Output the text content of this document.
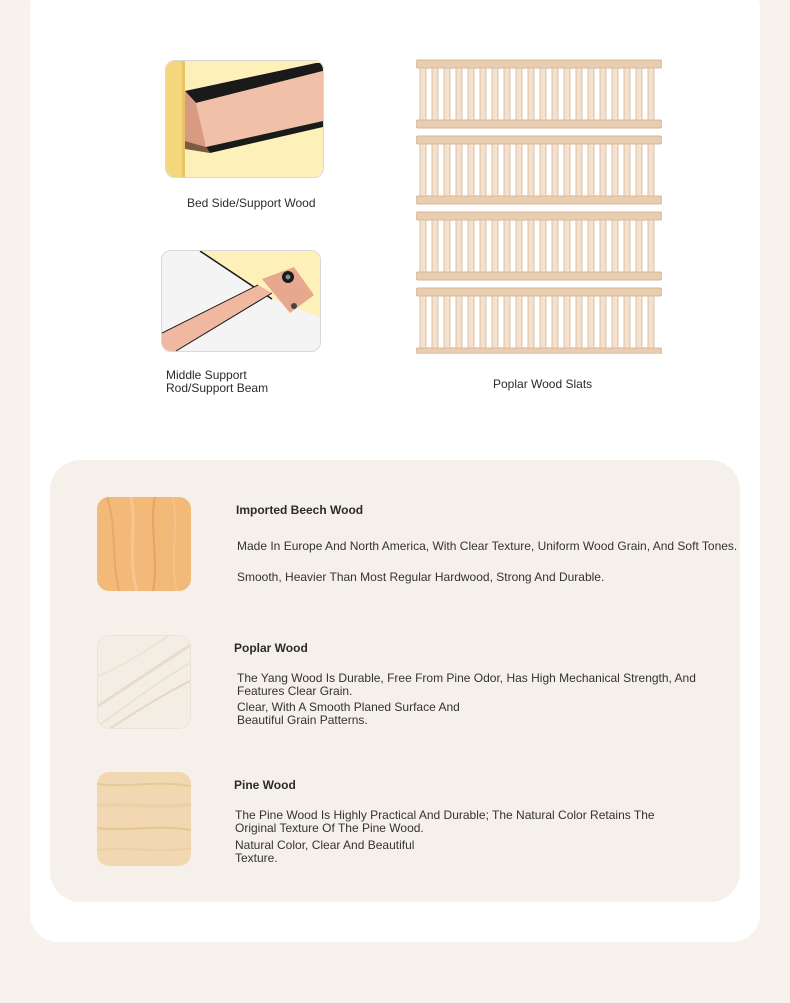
Bed Side/Support Wood
Middle Support
Rod/Support Beam	Poplar Wood Slats
Imported Beech Wood
Made In Europe And North America, With Clear Texture, Uniform Wood Grain, And Soft Tones.
Smooth, Heavier Than Most Regular Hardwood, Strong And Durable.
Poplar Wood
The Yang Wood Is Durable, Free From Pine Odor, Has High Mechanical Strength, And
Features Clear Grain.
Clear, With A Smooth Planed Surface And
Beautiful Grain Patterns.
Pine Wood
The Pine Wood Is Highly Practical And Durable; The Natural Color Retains The
Original Texture Of The Pine Wood.
Natural Color, Clear And Beautiful
Texture.
